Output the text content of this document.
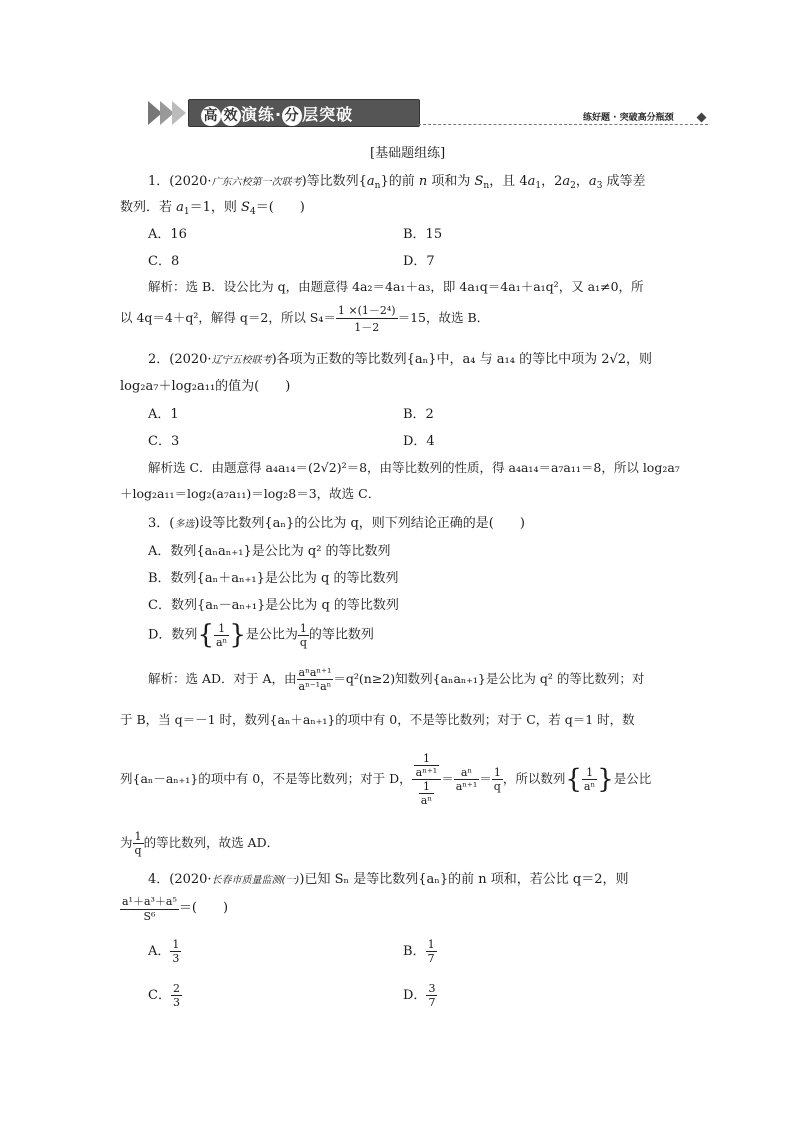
高 效 演练· 分 层突破	练好题 · 突破高分瓶颈
[基础题组练]
1．(2020·广东六校第一次联考)等比数列$\{a_n\}$的前 n 项和为 $S_n$，且 $4a_1$，$2a_2$，$a_3$ 成等差
数列．若 $a_1=1$，则 $S_4=$(　　)
A．16	B．15
C．8	D．7
解析：选 B．设公比为 q，由题意得 4a₂＝4a₁＋a₃，即 4a₁q＝4a₁＋a₁q²，又 a₁≠0，所
以 4q＝4＋q²，解得 q＝2，所以 $S_4= \frac{\text{1 ×(1－2⁴)}}{1-2} =15$，故选 B．
2．(2020·辽宁五校联考)各项为正数的等比数列{aₙ}中，a₄ 与 a₁₄ 的等比中项为 2√2，则
log₂a₇＋log₂a₁₁的值为(　　)
A．1	B．2
C．3	D．4
解析选 C．由题意得 a₄a₁₄＝(2√2)²＝8，由等比数列的性质，得 a₄a₁₄＝a₇a₁₁＝8，所以 log₂a₇
＋log₂a₁₁＝log₂(a₇a₁₁)＝log₂8＝3，故选 C．
3．(多选)设等比数列{aₙ}的公比为 q，则下列结论正确的是(　　)
A．数列{aₙaₙ₊₁}是公比为 q² 的等比数列
B．数列{aₙ＋aₙ₊₁}是公比为 q 的等比数列
C．数列{aₙ－aₙ₊₁}是公比为 q 的等比数列
D．数列{ $\frac{1}{\text{aⁿ}}$ }是公比为 $\frac{1}{q}$ 的等比数列
解析：选 AD．对于 A，由 $\frac{\text{aⁿaⁿ⁺¹}}{\text{aⁿ⁻¹aⁿ}} =q^2(n\ge 2)$知数列{aₙaₙ₊₁}是公比为 q² 的等比数列；对
于 B，当 q＝－1 时，数列{aₙ＋aₙ₊₁}的项中有 0，不是等比数列；对于 C，若 q＝1 时，数
列{aₙ－aₙ₊₁}的项中有 0，不是等比数列；对于 D， $\frac{\frac{1}{\text{aⁿ⁺¹}}}{\frac{1}{\text{aⁿ}}} = \frac{\text{aⁿ}}{\text{aⁿ⁺¹}} = \frac{1}{q}$ ，所以数列{ $\frac{1}{\text{aⁿ}}$ }是公比
为 $\frac{1}{q}$ 的等比数列，故选 AD．
4．(2020·长春市质量监测(一))已知 Sₙ 是等比数列{aₙ}的前 n 项和，若公比 q＝2，则
$\frac{\text{a¹＋a³＋a⁵}}{\text{S⁶}}$ ＝(　　)
A． $\frac{1}{3}$	B． $\frac{1}{7}$
C． $\frac{2}{3}$	D． $\frac{3}{7}$
